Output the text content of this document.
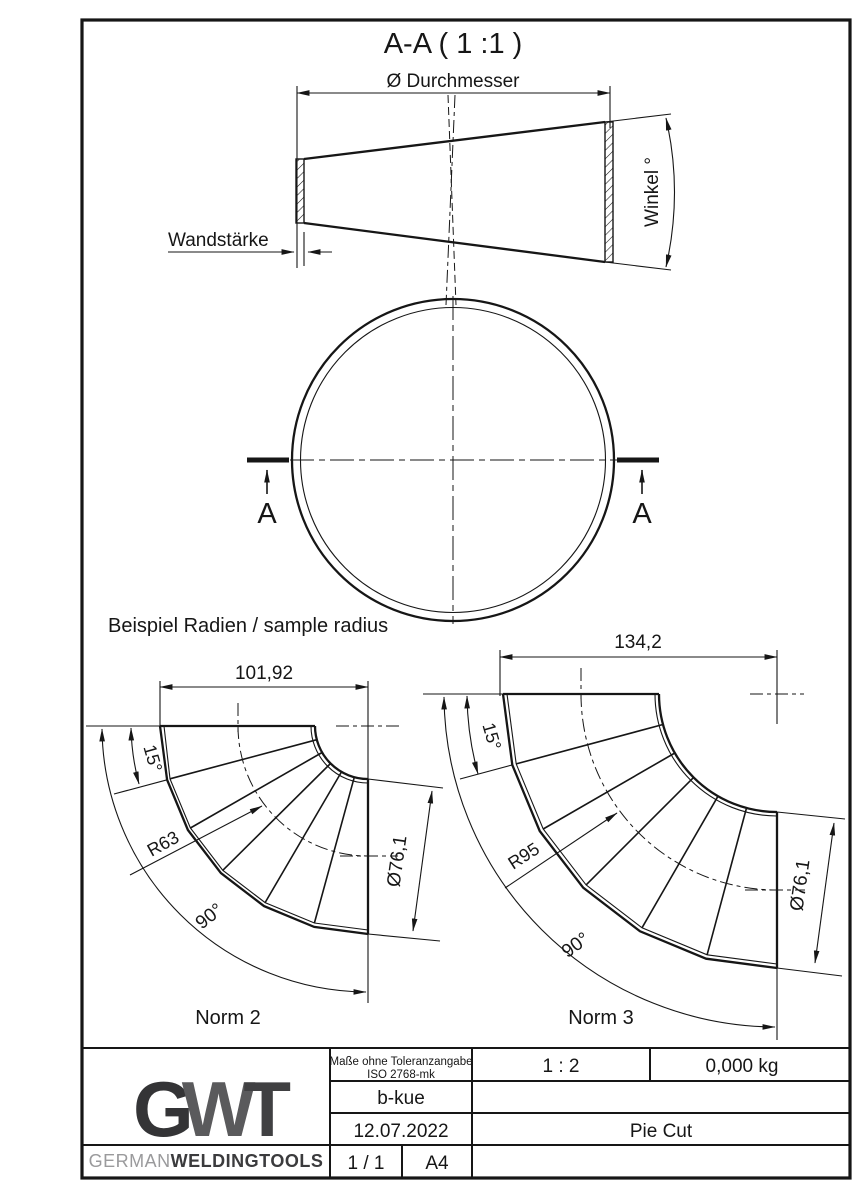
A-A ( 1 :1 )
Ø Durchmesser
Winkel °
Wandstärke
A	A
Beispiel Radien / sample radius
101,92
15°
R63
90°
Ø76,1
Norm 2
134,2
15°
R95
90°
Ø76,1
Norm 3
Maße ohne Toleranzangabe
ISO 2768-mk	1 : 2	0,000 kg
b-kue
12.07.2022	Pie Cut
1 / 1 A4
GWT
GERMANWELDINGTOOLS
